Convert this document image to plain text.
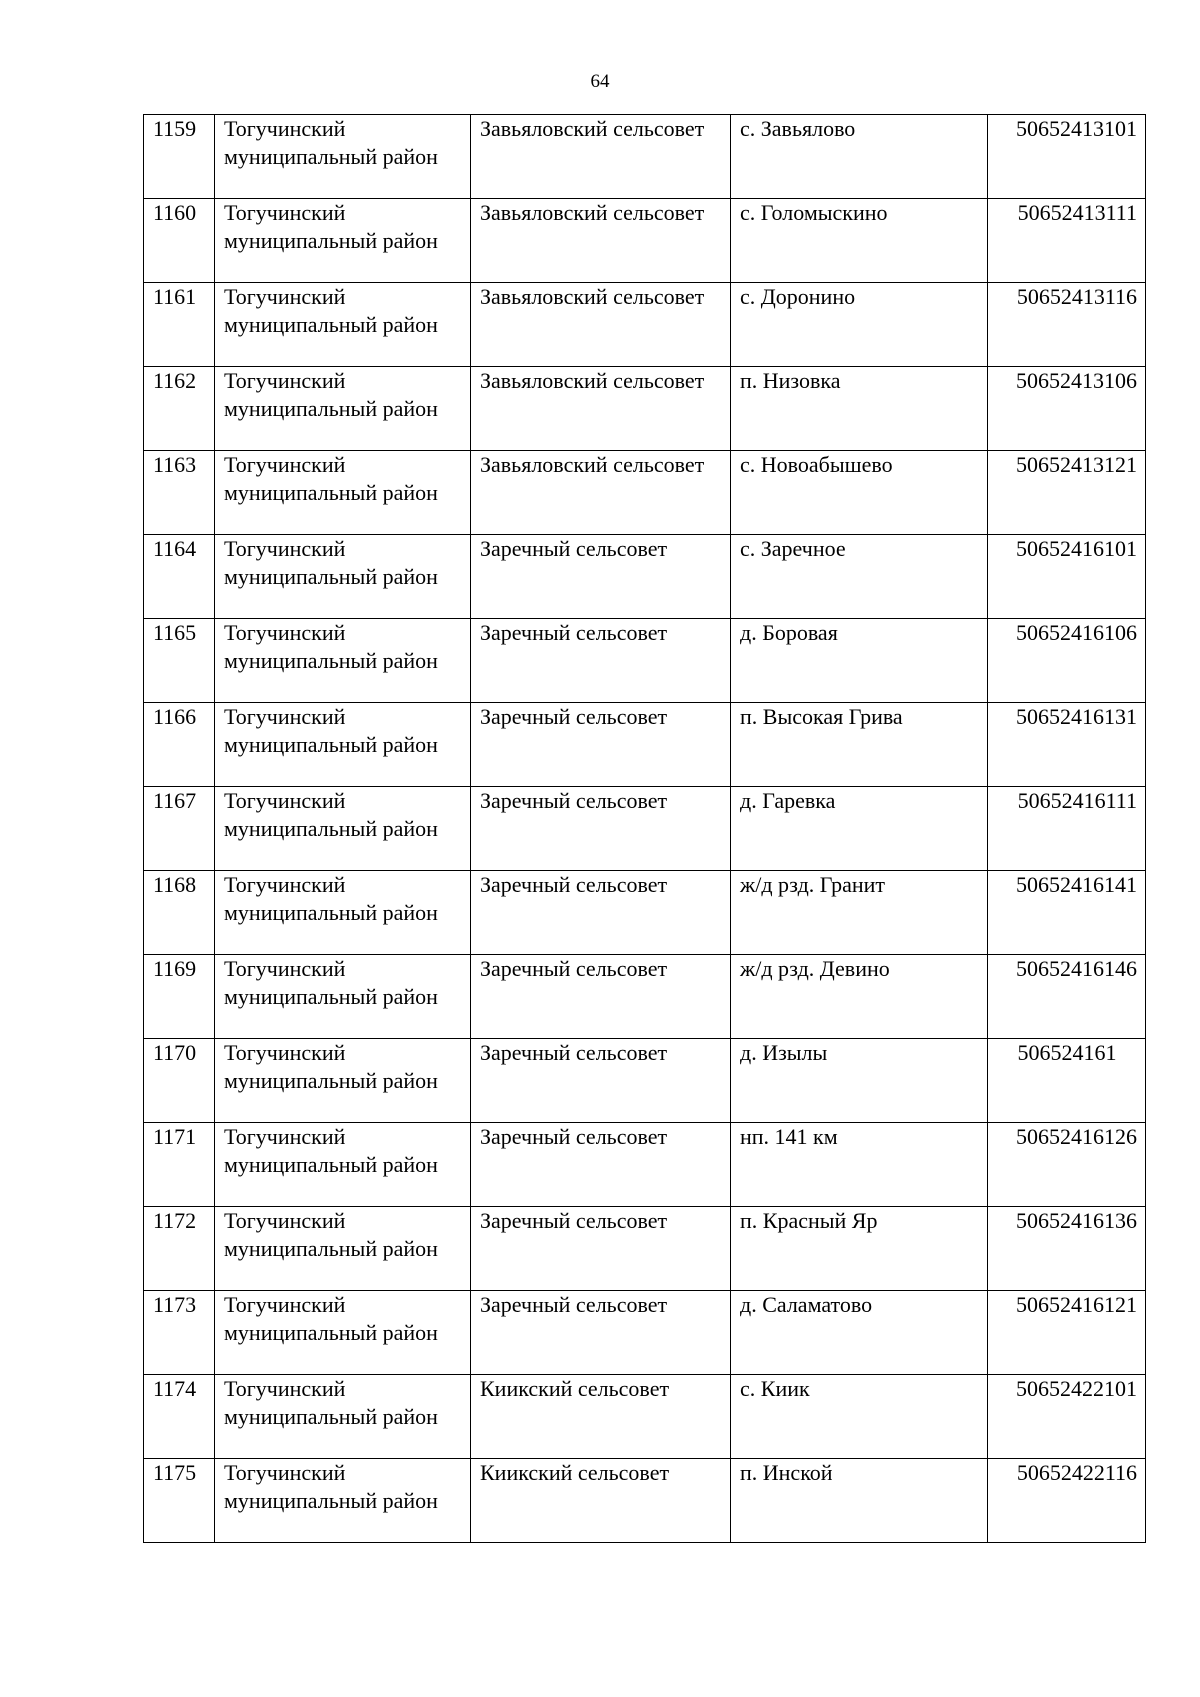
64
1159	Тогучинский муниципальный район	Завьяловский сельсовет	с. Завьялово	50652413101

1160	Тогучинский муниципальный район	Завьяловский сельсовет	с. Голомыскино	50652413111

1161	Тогучинский муниципальный район	Завьяловский сельсовет	с. Доронино	50652413116

1162	Тогучинский муниципальный район	Завьяловский сельсовет	п. Низовка	50652413106

1163	Тогучинский муниципальный район	Завьяловский сельсовет	с. Новоабышево	50652413121

1164	Тогучинский муниципальный район	Заречный сельсовет	с. Заречное	50652416101

1165	Тогучинский муниципальный район	Заречный сельсовет	д. Боровая	50652416106

1166	Тогучинский муниципальный район	Заречный сельсовет	п. Высокая Грива	50652416131

1167	Тогучинский муниципальный район	Заречный сельсовет	д. Гаревка	50652416111

1168	Тогучинский муниципальный район	Заречный сельсовет	ж/д рзд. Гранит	50652416141

1169	Тогучинский муниципальный район	Заречный сельсовет	ж/д рзд. Девино	50652416146

1170	Тогучинский муниципальный район	Заречный сельсовет	д. Изылы	506524161

1171	Тогучинский муниципальный район	Заречный сельсовет	нп. 141 км	50652416126

1172	Тогучинский муниципальный район	Заречный сельсовет	п. Красный Яр	50652416136

1173	Тогучинский муниципальный район	Заречный сельсовет	д. Саламатово	50652416121

1174	Тогучинский муниципальный район	Киикский сельсовет	с. Киик	50652422101

1175	Тогучинский муниципальный район	Киикский сельсовет	п. Инской	50652422116
